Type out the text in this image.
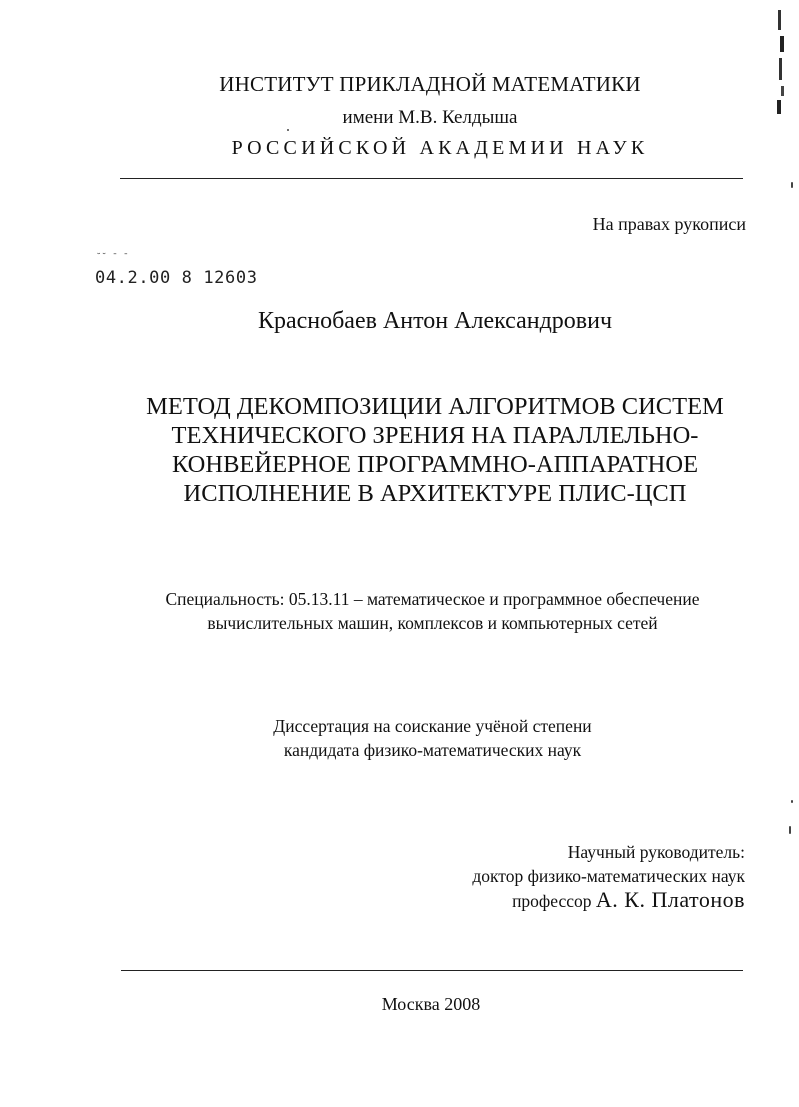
ИНСТИТУТ ПРИКЛАДНОЙ МАТЕМАТИКИ
имени М.В. Келдыша
РОССИЙСКОЙ АКАДЕМИИ НАУК
На правах рукописи
˘˘ ˉ ˉ
04.2.00 8 12603
Краснобаев Антон Александрович
МЕТОД ДЕКОМПОЗИЦИИ АЛГОРИТМОВ СИСТЕМ
ТЕХНИЧЕСКОГО ЗРЕНИЯ НА ПАРАЛЛЕЛЬНО-
КОНВЕЙЕРНОЕ ПРОГРАММНО-АППАРАТНОЕ
ИСПОЛНЕНИЕ В АРХИТЕКТУРЕ ПЛИС-ЦСП
Специальность: 05.13.11 – математическое и программное обеспечение
вычислительных машин, комплексов и компьютерных сетей
Диссертация на соискание учёной степени
кандидата физико-математических наук
Научный руководитель:
доктор физико-математических наук
профессор А. К. Платонов
Москва 2008
